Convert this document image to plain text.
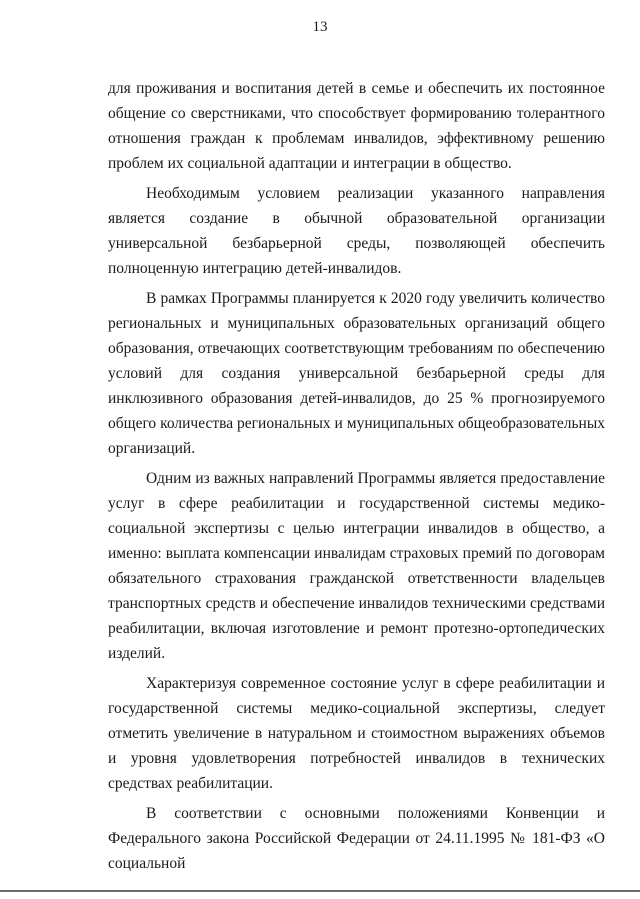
13

для проживания и воспитания детей в семье и обеспечить их постоянное общение со сверстниками, что способствует формированию толерантного отношения граждан к проблемам инвалидов, эффективному решению проблем их социальной адаптации и интеграции в общество.

Необходимым условием реализации указанного направления является создание в обычной образовательной организации универсальной безбарьерной среды, позволяющей обеспечить полноценную интеграцию детей-инвалидов.

В рамках Программы планируется к 2020 году увеличить количество региональных и муниципальных образовательных организаций общего образования, отвечающих соответствующим требованиям по обеспечению условий для создания универсальной безбарьерной среды для инклюзивного образования детей-инвалидов, до 25 % прогнозируемого общего количества региональных и муниципальных общеобразовательных организаций.

Одним из важных направлений Программы является предоставление услуг в сфере реабилитации и государственной системы медико-социальной экспертизы с целью интеграции инвалидов в общество, а именно: выплата компенсации инвалидам страховых премий по договорам обязательного страхования гражданской ответственности владельцев транспортных средств и обеспечение инвалидов техническими средствами реабилитации, включая изготовление и ремонт протезно-ортопедических изделий.

Характеризуя современное состояние услуг в сфере реабилитации и государственной системы медико-социальной экспертизы, следует отметить увеличение в натуральном и стоимостном выражениях объемов и уровня удовлетворения потребностей инвалидов в технических средствах реабилитации.

В соответствии с основными положениями Конвенции и Федерального закона Российской Федерации от 24.11.1995 № 181-ФЗ «О социальной
